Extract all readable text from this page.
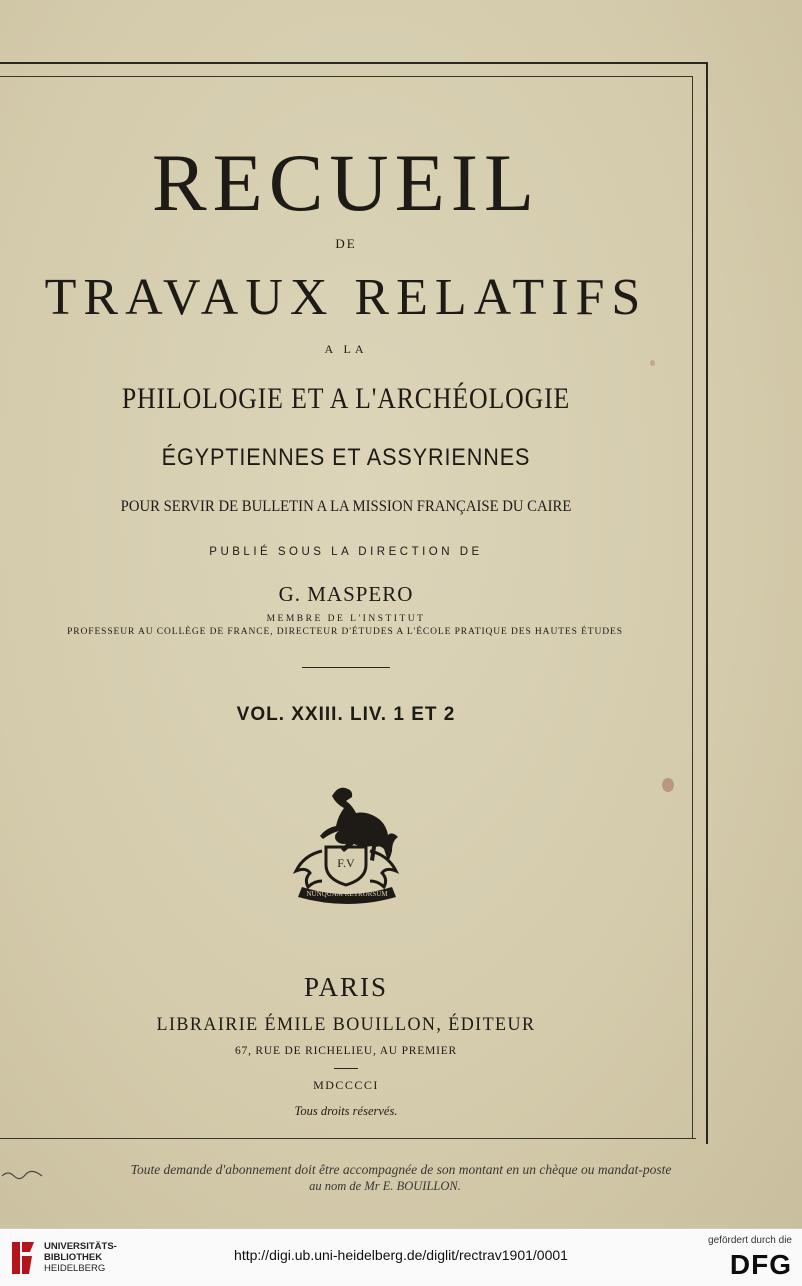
RECUEIL
DE
TRAVAUX RELATIFS
A LA
PHILOLOGIE ET A L'ARCHÉOLOGIE
ÉGYPTIENNES ET ASSYRIENNES
POUR SERVIR DE BULLETIN A LA MISSION FRANÇAISE DU CAIRE
PUBLIÉ SOUS LA DIRECTION DE
G. MASPERO
MEMBRE DE L'INSTITUT
PROFESSEUR AU COLLÈGE DE FRANCE, DIRECTEUR D'ÉTUDES A L'ÉCOLE PRATIQUE DES HAUTES ÉTUDES
VOL. XXIII. LIV. 1 ET 2
F.V
NUNQUAM RETRORSUM
PARIS
LIBRAIRIE ÉMILE BOUILLON, ÉDITEUR
67, RUE DE RICHELIEU, AU PREMIER
MDCCCCI
Tous droits réservés.
Toute demande d'abonnement doit être accompagnée de son montant en un chèque ou mandat-poste
au nom de Mr E. BOUILLON.
UNIVERSITÄTS-
BIBLIOTHEK
HEIDELBERG
http://digi.ub.uni-heidelberg.de/diglit/rectrav1901/0001
gefördert durch die
DFG
